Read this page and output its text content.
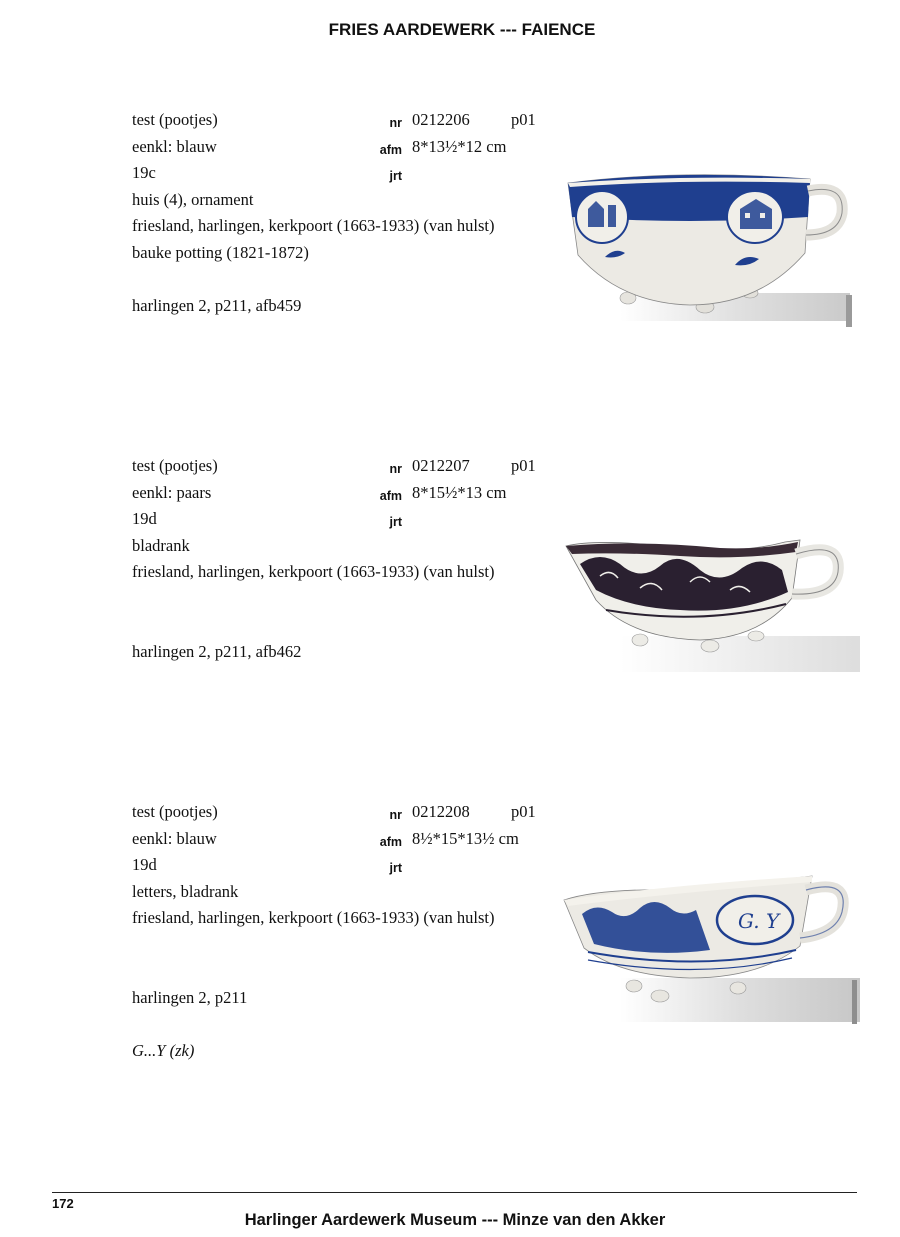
FRIES AARDEWERK --- FAIENCE
test (pootjes)	nr 0212206	p01
eenkl: blauw	afm 8*13½*12 cm
19c	jrt
huis (4), ornament
friesland, harlingen, kerkpoort (1663-1933) (van hulst)
bauke potting (1821-1872)
harlingen 2, p211, afb459
test (pootjes)	nr 0212207	p01
eenkl: paars	afm 8*15½*13 cm
19d	jrt
bladrank
friesland, harlingen, kerkpoort (1663-1933) (van hulst)
harlingen 2, p211, afb462
test (pootjes)	nr 0212208	p01
eenkl: blauw	afm 8½*15*13½ cm
19d	jrt
letters, bladrank
friesland, harlingen, kerkpoort (1663-1933) (van hulst)
harlingen 2, p211
G...Y (zk)
G. Y
172
Harlinger Aardewerk Museum --- Minze van den Akker
